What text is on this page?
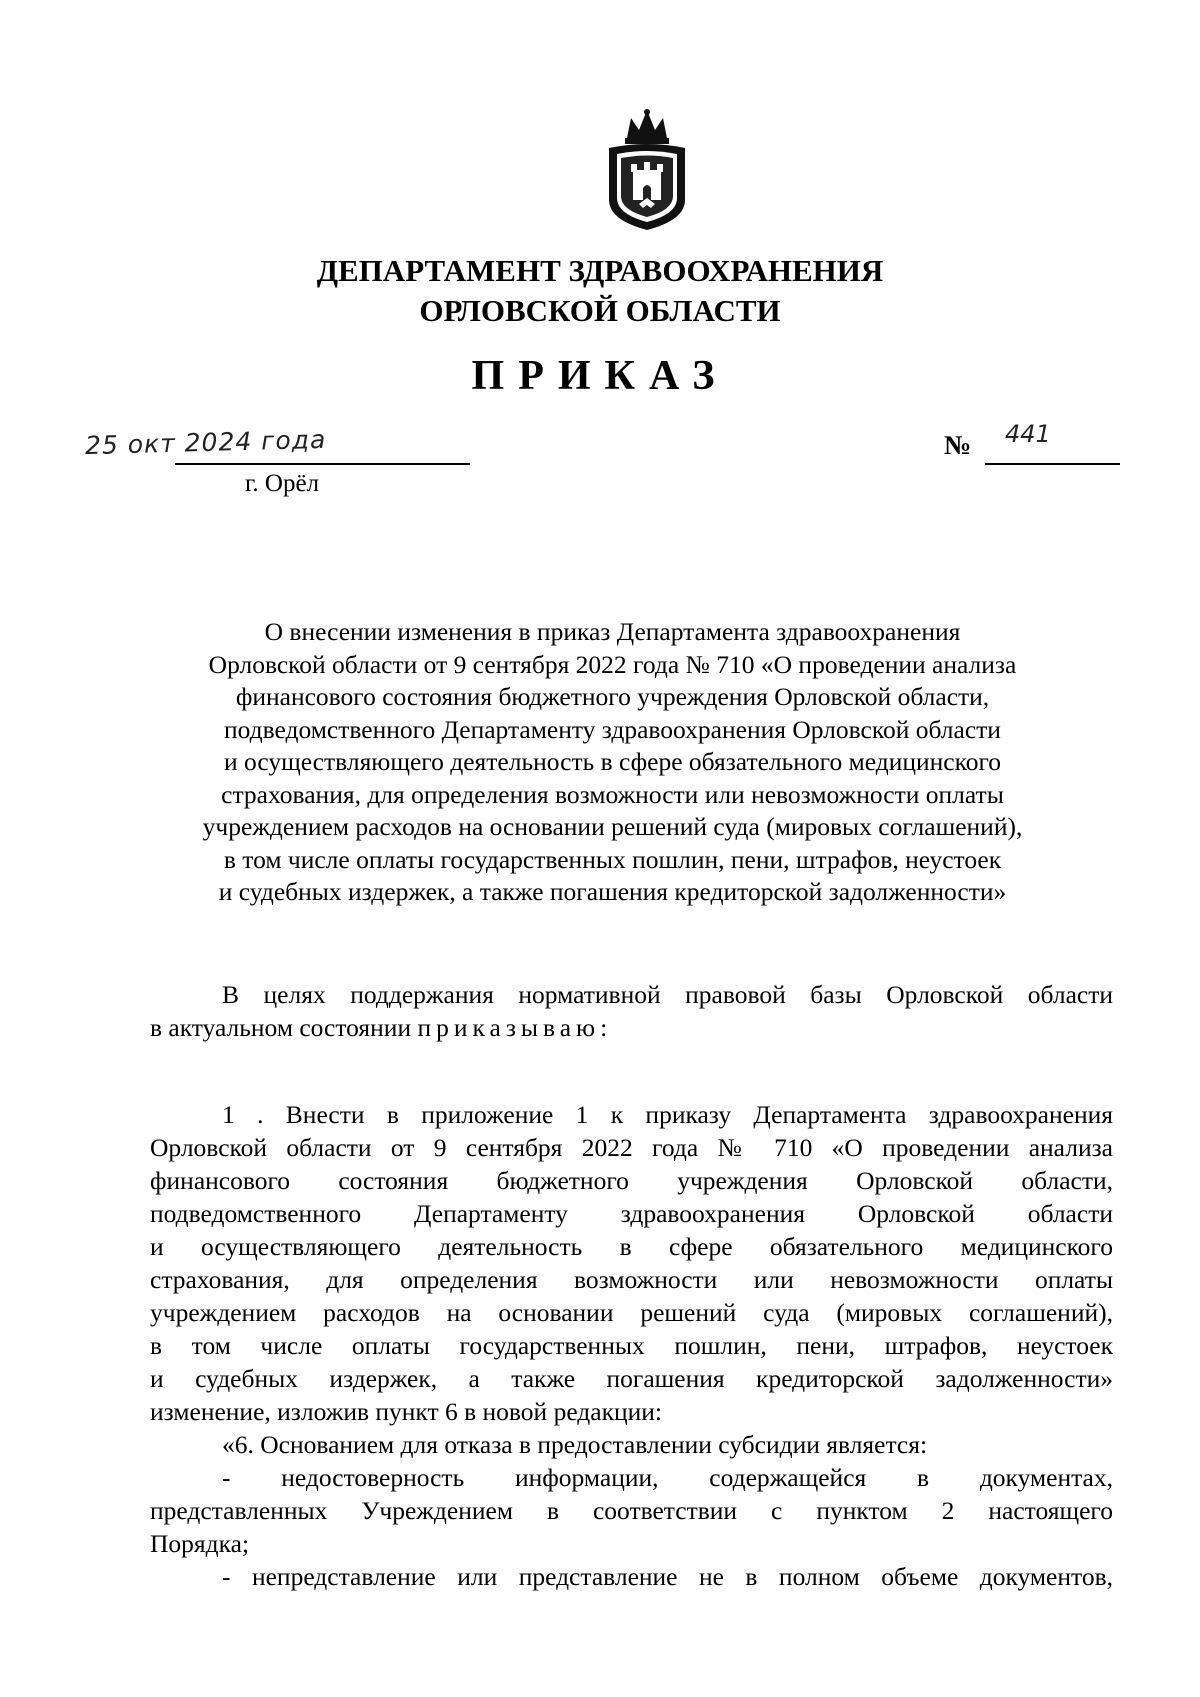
ДЕПАРТАМЕНТ ЗДРАВООХРАНЕНИЯ
ОРЛОВСКОЙ ОБЛАСТИ
ПРИКАЗ
25 окт 2024 года
г. Орёл
№ 441
О внесении изменения в приказ Департамента здравоохранения
Орловской области от 9 сентября 2022 года № 710 «О проведении анализа
финансового состояния бюджетного учреждения Орловской области,
подведомственного Департаменту здравоохранения Орловской области
и осуществляющего деятельность в сфере обязательного медицинского
страхования, для определения возможности или невозможности оплаты
учреждением расходов на основании решений суда (мировых соглашений),
в том числе оплаты государственных пошлин, пени, штрафов, неустоек
и судебных издержек, а также погашения кредиторской задолженности»
В целях поддержания нормативной правовой базы Орловской области
в актуальном состоянии приказываю:
1 . Внести в приложение 1 к приказу Департамента здравоохранения
Орловской области от 9 сентября 2022 года № 710 «О проведении анализа
финансового состояния бюджетного учреждения Орловской области,
подведомственного Департаменту здравоохранения Орловской области
и осуществляющего деятельность в сфере обязательного медицинского
страхования, для определения возможности или невозможности оплаты
учреждением расходов на основании решений суда (мировых соглашений),
в том числе оплаты государственных пошлин, пени, штрафов, неустоек
и судебных издержек, а также погашения кредиторской задолженности»
изменение, изложив пункт 6 в новой редакции:
«6. Основанием для отказа в предоставлении субсидии является:
- недостоверность информации, содержащейся в документах,
представленных Учреждением в соответствии с пунктом 2 настоящего
Порядка;
- непредставление или представление не в полном объеме документов,
